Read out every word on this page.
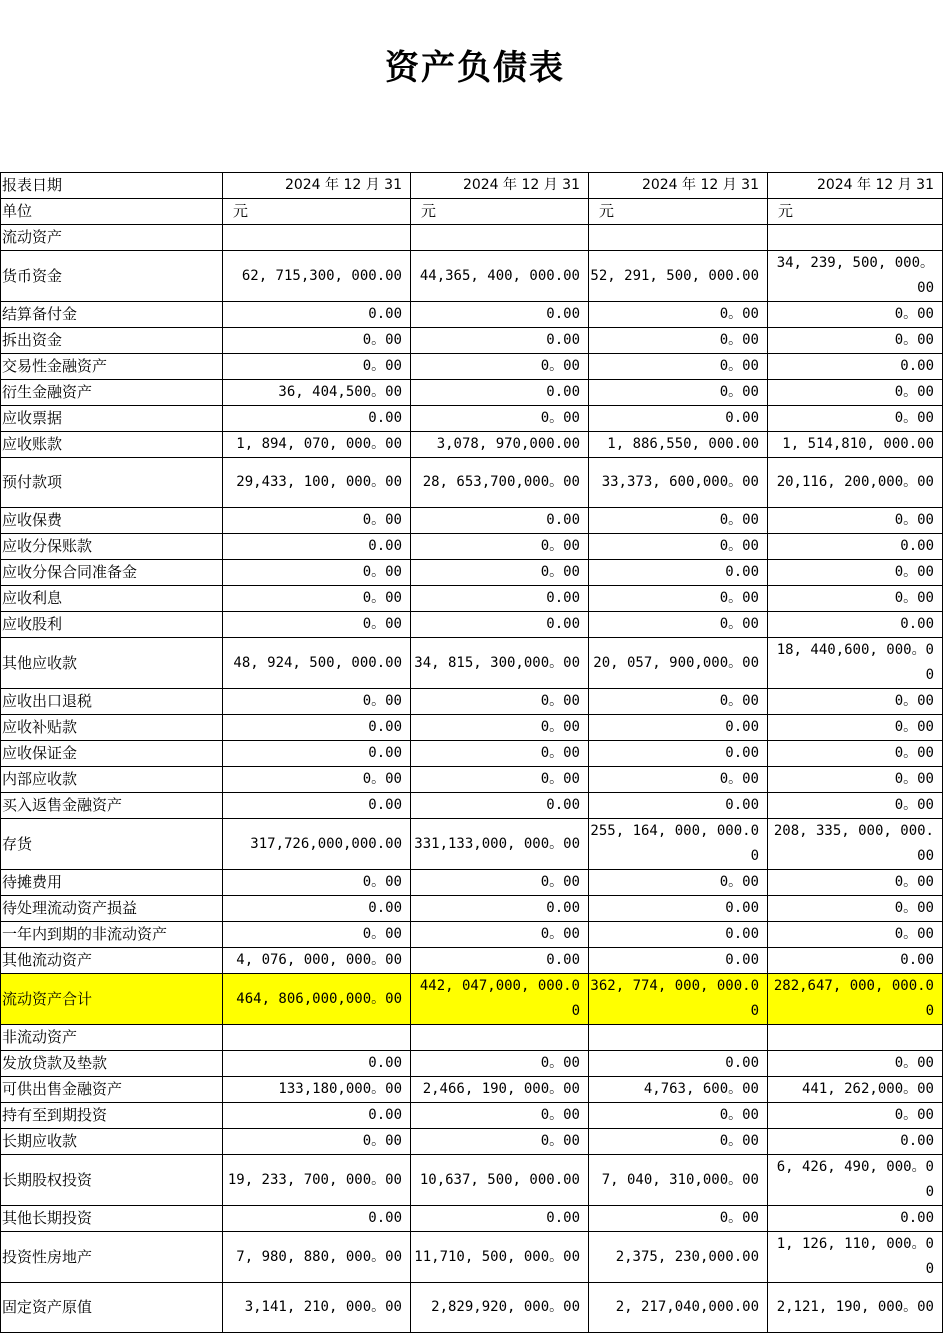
资产负债表
报表日期	2024 年 12 月 31	2024 年 12 月 31	2024 年 12 月 31	2024 年 12 月 31
单位	元	元	元	元
流动资产				
货币资金	62, 715,300, 000.00	44,365, 400, 000.00	52, 291, 500, 000.00	34, 239, 500, 000。00
结算备付金	0.00	0.00	0。00	0。00
拆出资金	0。00	0.00	0。00	0。00
交易性金融资产	0。00	0。00	0。00	0.00
衍生金融资产	36, 404,500。00	0.00	0。00	0。00
应收票据	0.00	0。00	0.00	0。00
应收账款	1, 894, 070, 000。00	3,078, 970,000.00	1, 886,550, 000.00	1, 514,810, 000.00
预付款项	29,433, 100, 000。00	28, 653,700,000。00	33,373, 600,000。00	20,116, 200,000。00
应收保费	0。00	0.00	0。00	0。00
应收分保账款	0.00	0。00	0。00	0.00
应收分保合同准备金	0。00	0。00	0.00	0。00
应收利息	0。00	0.00	0。00	0。00
应收股利	0。00	0.00	0。00	0.00
其他应收款	48, 924, 500, 000.00	34, 815, 300,000。00	20, 057, 900,000。00	18, 440,600, 000。00
应收出口退税	0。00	0。00	0。00	0。00
应收补贴款	0.00	0。00	0.00	0。00
应收保证金	0.00	0。00	0.00	0。00
内部应收款	0。00	0。00	0。00	0。00
买入返售金融资产	0.00	0.00	0.00	0。00
存货	317,726,000,000.00	331,133,000, 000。00	255, 164, 000, 000.00	208, 335, 000, 000.00
待摊费用	0。00	0。00	0。00	0。00
待处理流动资产损益	0.00	0.00	0.00	0。00
一年内到期的非流动资产	0。00	0。00	0.00	0。00
其他流动资产	4, 076, 000, 000。00	0.00	0.00	0.00
流动资产合计	464, 806,000,000。00	442, 047,000, 000.00	362, 774, 000, 000.00	282,647, 000, 000.00
非流动资产				
发放贷款及垫款	0.00	0。00	0.00	0。00
可供出售金融资产	133,180,000。00	2,466, 190, 000。00	4,763, 600。00	441, 262,000。00
持有至到期投资	0.00	0。00	0。00	0。00
长期应收款	0。00	0。00	0。00	0.00
长期股权投资	19, 233, 700, 000。00	10,637, 500, 000.00	7, 040, 310,000。00	6, 426, 490, 000。00
其他长期投资	0.00	0.00	0。00	0.00
投资性房地产	7, 980, 880, 000。00	11,710, 500, 000。00	2,375, 230,000.00	1, 126, 110, 000。00
固定资产原值	3,141, 210, 000。00	2,829,920, 000。00	2, 217,040,000.00	2,121, 190, 000。00
